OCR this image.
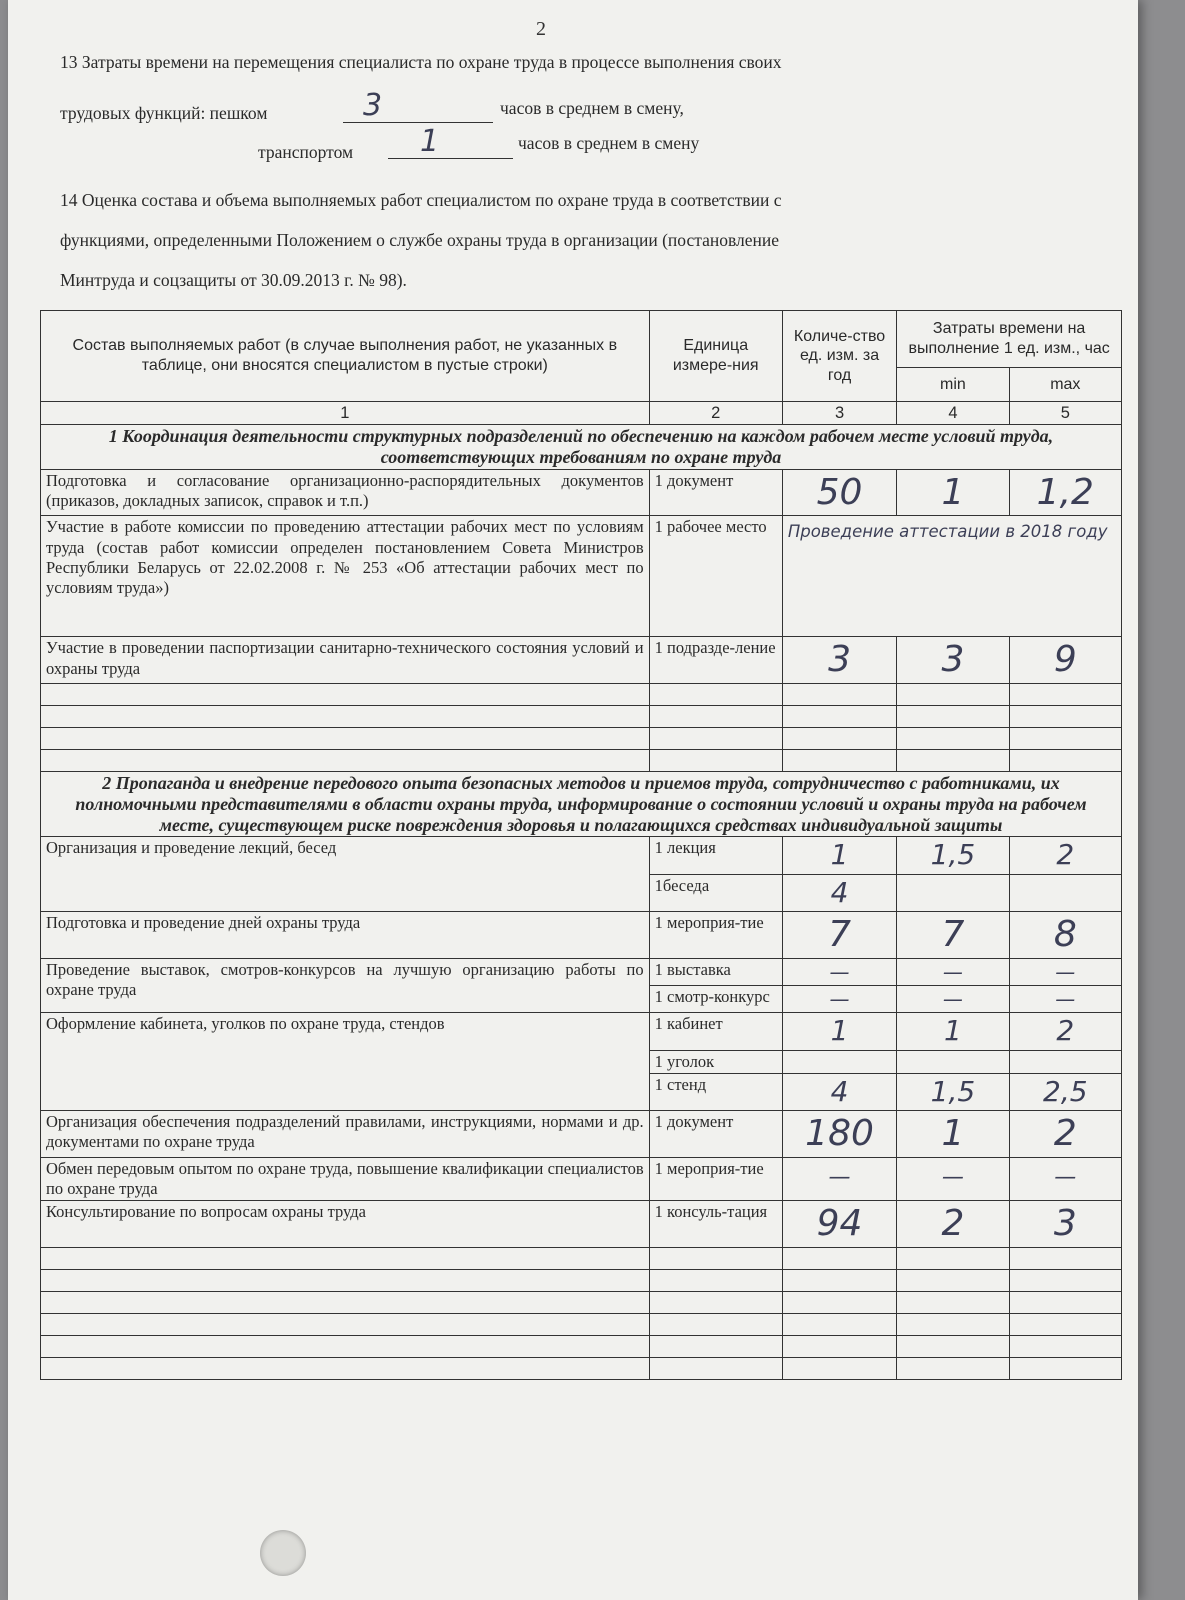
2
13 Затраты времени на перемещения специалиста по охране труда в процессе выполнения своих
трудовых функций: пешком	3	часов в среднем в смену,
транспортом 1	часов в среднем в смену
14 Оценка состава и объема выполняемых работ специалистом по охране труда в соответствии с
функциями, определенными Положением о службе охраны труда в организации (постановление
Минтруда и соцзащиты от 30.09.2013 г. № 98).
Состав выполняемых работ (в случае выполнения работ, не указанных в таблице, они вносятся специалистом в пустые строки)	Единица измере-ния	Количе-ство ед. изм. за год	Затраты времени на выполнение 1 ед. изм., час	
			min	max
1	2	3	4	5
1 Координация деятельности структурных подразделений по обеспечению на каждом рабочем месте условий труда, соответствующих требованиям по охране труда				
Подготовка и согласование организационно-распорядительных документов (приказов, докладных записок, справок и т.п.)	1 документ	50	1	1,2
Участие в работе комиссии по проведению аттестации рабочих мест по условиям труда (состав работ комиссии определен постановлением Совета Министров Республики Беларусь от 22.02.2008 г. № 253 «Об аттестации рабочих мест по условиям труда»)	1 рабочее место	Проведение аттестации в 2018 году		
Участие в проведении паспортизации санитарно-технического состояния условий и охраны труда	1 подразде-ление	3	3	9

2 Пропаганда и внедрение передового опыта безопасных методов и приемов труда, сотрудничество с работниками, их полномочными представителями в области охраны труда, информирование о состоянии условий и охраны труда на рабочем месте, существующем риске повреждения здоровья и полагающихся средствах индивидуальной защиты				
Организация и проведение лекций, бесед	1 лекция	1	1,5	2
	1беседа	4		
Подготовка и проведение дней охраны труда	1 мероприя-тие	7	7	8
Проведение выставок, смотров-конкурсов на лучшую организацию работы по охране труда	1 выставка	—	—	—
	1 смотр-конкурс	—	—	—
Оформление кабинета, уголков по охране труда, стендов	1 кабинет	1	1	2
	1 уголок			
	1 стенд	4	1,5	2,5
Организация обеспечения подразделений правилами, инструкциями, нормами и др. документами по охране труда	1 документ	180	1	2
Обмен передовым опытом по охране труда, повышение квалификации специалистов по охране труда	1 мероприя-тие	—	—	—
Консультирование по вопросам охраны труда	1 консуль-тация	94	2	3
